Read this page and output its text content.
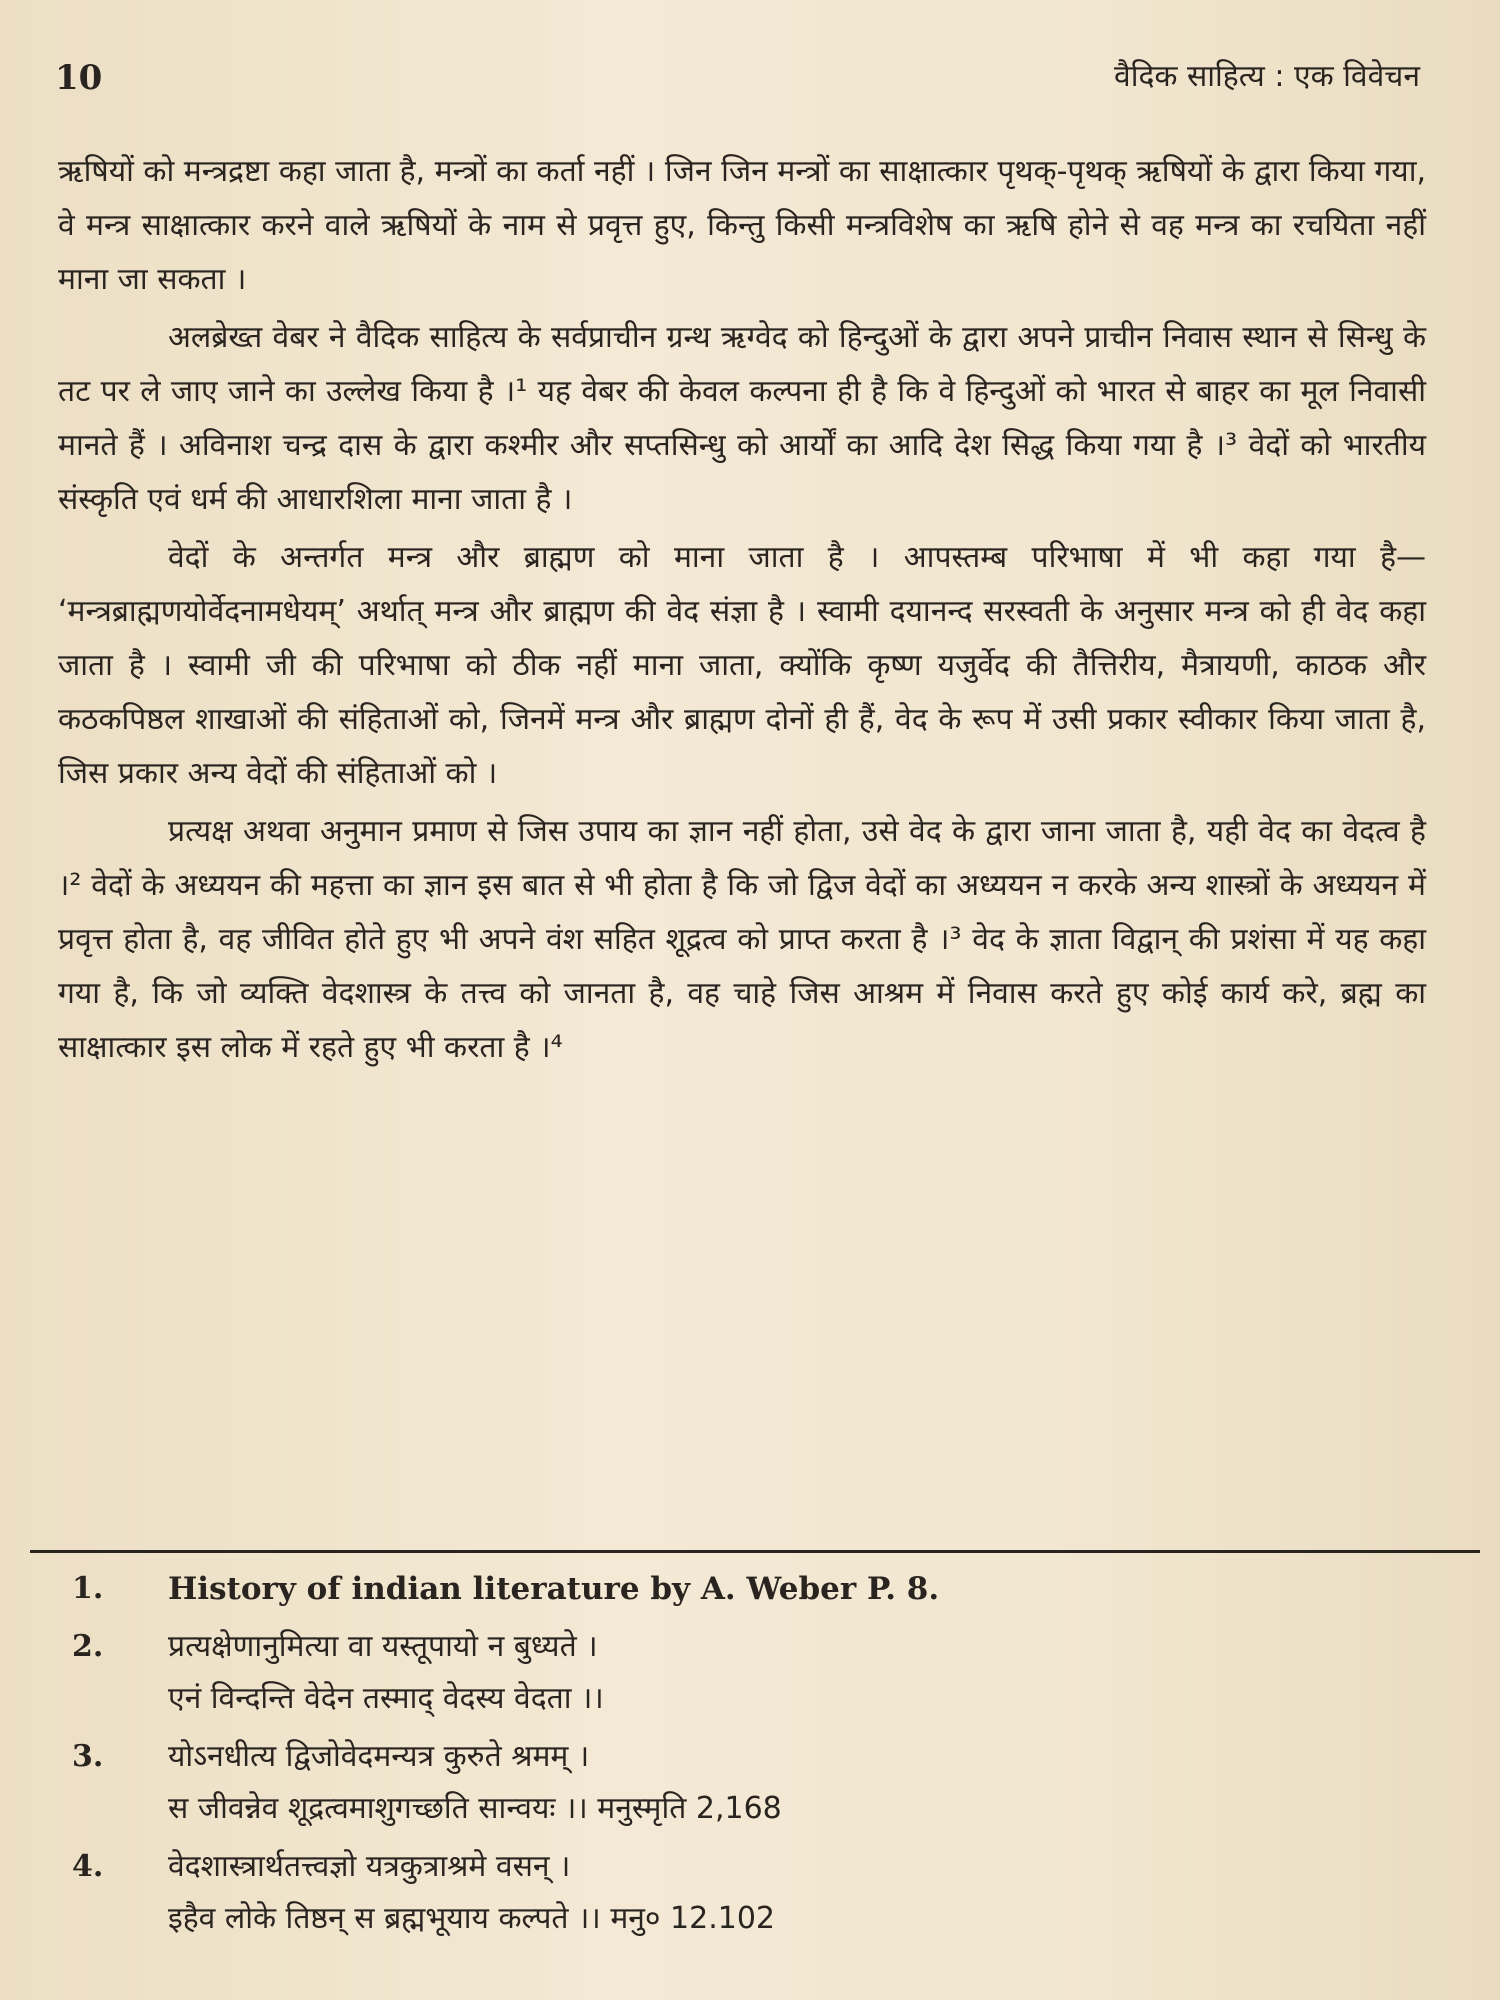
10	वैदिक साहित्य : एक विवेचन

ऋषियों को मन्त्रद्रष्टा कहा जाता है, मन्त्रों का कर्ता नहीं । जिन जिन मन्त्रों का साक्षात्कार पृथक्-पृथक् ऋषियों के द्वारा किया गया, वे मन्त्र साक्षात्कार करने वाले ऋषियों के नाम से प्रवृत्त हुए, किन्तु किसी मन्त्रविशेष का ऋषि होने से वह मन्त्र का रचयिता नहीं माना जा सकता ।

अलब्रेख्त वेबर ने वैदिक साहित्य के सर्वप्राचीन ग्रन्थ ऋग्वेद को हिन्दुओं के द्वारा अपने प्राचीन निवास स्थान से सिन्धु के तट पर ले जाए जाने का उल्लेख किया है ।¹ यह वेबर की केवल कल्पना ही है कि वे हिन्दुओं को भारत से बाहर का मूल निवासी मानते हैं । अविनाश चन्द्र दास के द्वारा कश्मीर और सप्तसिन्धु को आर्यों का आदि देश सिद्ध किया गया है ।³ वेदों को भारतीय संस्कृति एवं धर्म की आधारशिला माना जाता है ।

वेदों के अन्तर्गत मन्त्र और ब्राह्मण को माना जाता है । आपस्तम्ब परिभाषा में भी कहा गया है— ‘मन्त्रब्राह्मणयोर्वेदनामधेयम्’ अर्थात् मन्त्र और ब्राह्मण की वेद संज्ञा है । स्वामी दयानन्द सरस्वती के अनुसार मन्त्र को ही वेद कहा जाता है । स्वामी जी की परिभाषा को ठीक नहीं माना जाता, क्योंकि कृष्ण यजुर्वेद की तैत्तिरीय, मैत्रायणी, काठक और कठकपिष्ठल शाखाओं की संहिताओं को, जिनमें मन्त्र और ब्राह्मण दोनों ही हैं, वेद के रूप में उसी प्रकार स्वीकार किया जाता है, जिस प्रकार अन्य वेदों की संहिताओं को ।

प्रत्यक्ष अथवा अनुमान प्रमाण से जिस उपाय का ज्ञान नहीं होता, उसे वेद के द्वारा जाना जाता है, यही वेद का वेदत्व है ।² वेदों के अध्ययन की महत्ता का ज्ञान इस बात से भी होता है कि जो द्विज वेदों का अध्ययन न करके अन्य शास्त्रों के अध्ययन में प्रवृत्त होता है, वह जीवित होते हुए भी अपने वंश सहित शूद्रत्व को प्राप्त करता है ।³ वेद के ज्ञाता विद्वान् की प्रशंसा में यह कहा गया है, कि जो व्यक्ति वेदशास्त्र के तत्त्व को जानता है, वह चाहे जिस आश्रम में निवास करते हुए कोई कार्य करे, ब्रह्म का साक्षात्कार इस लोक में रहते हुए भी करता है ।⁴

1.	History of indian literature by A. Weber P. 8.
2.	प्रत्यक्षेणानुमित्या वा यस्तूपायो न बुध्यते ।
एनं विन्दन्ति वेदेन तस्माद् वेदस्य वेदता ।।
3.	योऽनधीत्य द्विजोवेदमन्यत्र कुरुते श्रमम् ।
स जीवन्नेव शूद्रत्वमाशुगच्छति सान्वयः ।। मनुस्मृति 2,168
4.	वेदशास्त्रार्थतत्त्वज्ञो यत्रकुत्राश्रमे वसन् ।
इहैव लोके तिष्ठन् स ब्रह्मभूयाय कल्पते ।। मनु० 12.102
